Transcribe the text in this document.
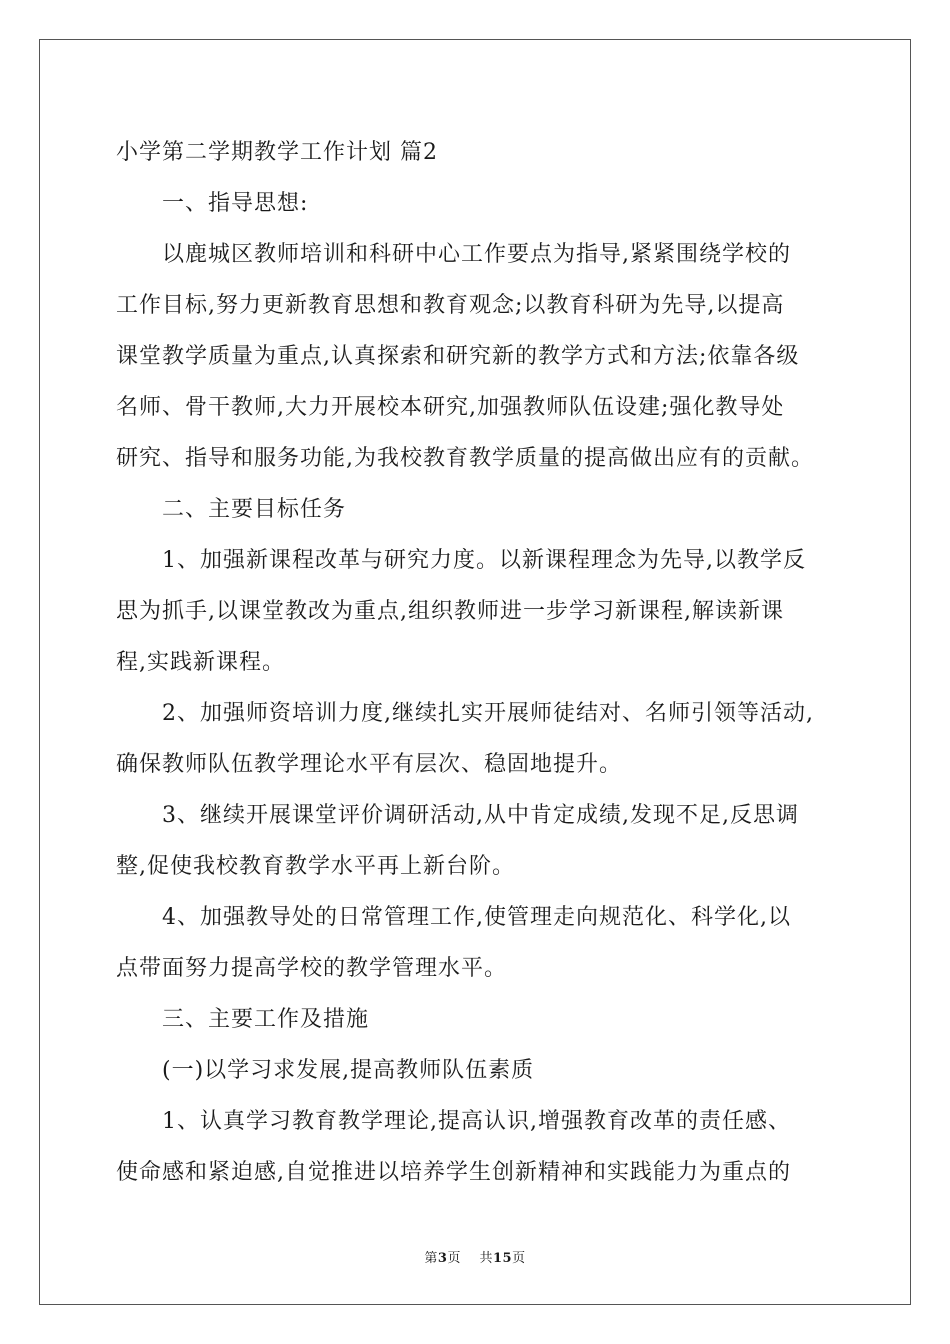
小学第二学期教学工作计划 篇2

一、指导思想:

以鹿城区教师培训和科研中心工作要点为指导,紧紧围绕学校的

工作目标,努力更新教育思想和教育观念;以教育科研为先导,以提高

课堂教学质量为重点,认真探索和研究新的教学方式和方法;依靠各级

名师、骨干教师,大力开展校本研究,加强教师队伍设建;强化教导处

研究、指导和服务功能,为我校教育教学质量的提高做出应有的贡献。

二、主要目标任务

1、加强新课程改革与研究力度。以新课程理念为先导,以教学反

思为抓手,以课堂教改为重点,组织教师进一步学习新课程,解读新课

程,实践新课程。

2、加强师资培训力度,继续扎实开展师徒结对、名师引领等活动,

确保教师队伍教学理论水平有层次、稳固地提升。

3、继续开展课堂评价调研活动,从中肯定成绩,发现不足,反思调

整,促使我校教育教学水平再上新台阶。

4、加强教导处的日常管理工作,使管理走向规范化、科学化,以

点带面努力提高学校的教学管理水平。

三、主要工作及措施

(一)以学习求发展,提高教师队伍素质

1、认真学习教育教学理论,提高认识,增强教育改革的责任感、

使命感和紧迫感,自觉推进以培养学生创新精神和实践能力为重点的

第3页 共15页
